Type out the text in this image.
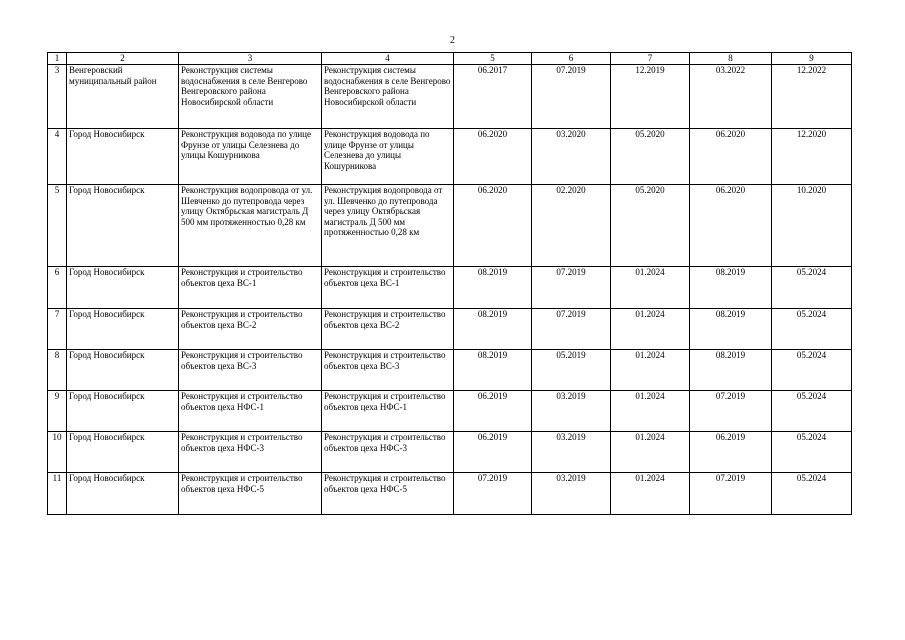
2
1	2	3	4	5	6	7	8	9
3	Венгеровский муниципальный район	Реконструкция системы водоснабжения в селе Венгерово Венгеровского района Новосибирской области	Реконструкция системы водоснабжения в селе Венгерово Венгеровского района Новосибирской области	06.2017	07.2019	12.2019	03.2022	12.2022
4	Город Новосибирск	Реконструкция водовода по улице Фрунзе от улицы Селезнева до улицы Кошурникова	Реконструкция водовода по улице Фрунзе от улицы Селезнева до улицы Кошурникова	06.2020	03.2020	05.2020	06.2020	12.2020
5	Город Новосибирск	Реконструкция водопровода от ул. Шевченко до путепровода через улицу Октябрьская магистраль Д 500 мм протяженностью 0,28 км	Реконструкция водопровода от ул. Шевченко до путепровода через улицу Октябрьская магистраль Д 500 мм протяженностью 0,28 км	06.2020	02.2020	05.2020	06.2020	10.2020
6	Город Новосибирск	Реконструкция и строительство объектов цеха ВС-1	Реконструкция и строительство объектов цеха ВС-1	08.2019	07.2019	01.2024	08.2019	05.2024
7	Город Новосибирск	Реконструкция и строительство объектов цеха ВС-2	Реконструкция и строительство объектов цеха ВС-2	08.2019	07.2019	01.2024	08.2019	05.2024
8	Город Новосибирск	Реконструкция и строительство объектов цеха ВС-3	Реконструкция и строительство объектов цеха ВС-3	08.2019	05.2019	01.2024	08.2019	05.2024
9	Город Новосибирск	Реконструкция и строительство объектов цеха НФС-1	Реконструкция и строительство объектов цеха НФС-1	06.2019	03.2019	01.2024	07.2019	05.2024
10	Город Новосибирск	Реконструкция и строительство объектов цеха НФС-3	Реконструкция и строительство объектов цеха НФС-3	06.2019	03.2019	01.2024	06.2019	05.2024
11	Город Новосибирск	Реконструкция и строительство объектов цеха НФС-5	Реконструкция и строительство объектов цеха НФС-5	07.2019	03.2019	01.2024	07.2019	05.2024
